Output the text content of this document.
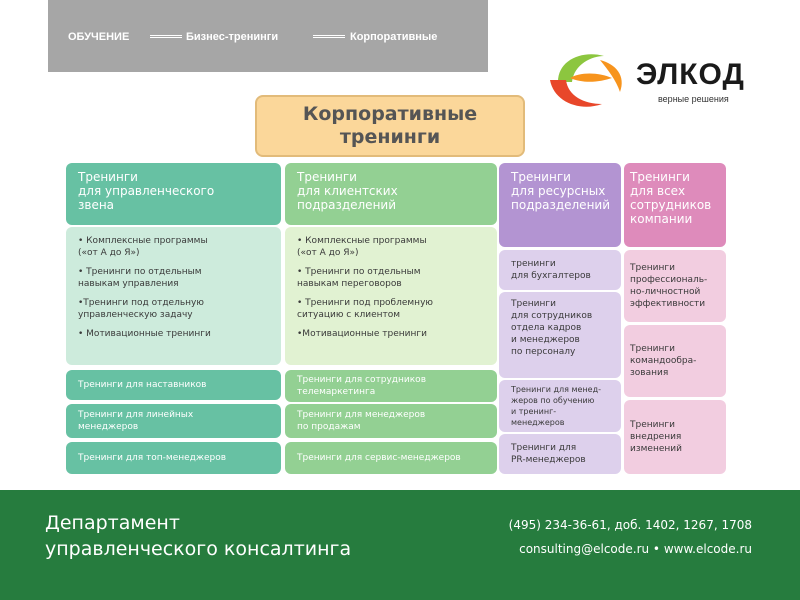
ОБУЧЕНИЕ	Бизнес-тренинги	Корпоративные
ЭЛКОД
верные решения
Корпоративные
тренинги
Тренинги
для управленческого
звена

• Комплексные программы
(«от А до Я»)

• Тренинги по отдельным
навыкам управления

•Тренинги под отдельную
управленческую задачу

• Мотивационные тренинги

Тренинги для наставников
Тренинги для линейных
менеджеров
Тренинги для топ-менеджеров
Тренинги
для клиентских
подразделений

• Комплексные программы
(«от А до Я»)

• Тренинги по отдельным
навыкам переговоров

• Тренинги под проблемную
ситуацию с клиентом

•Мотивационные тренинги

Тренинги для сотрудников
телемаркетинга
Тренинги для менеджеров
по продажам
Тренинги для сервис-менеджеров
Тренинги
для ресурсных
подразделений
тренинги
для бухгалтеров
Тренинги
для сотрудников
отдела кадров
и менеджеров
по персоналу
Тренинги для менед-
жеров по обучению
и тренинг-менеджеров
Тренинги для
PR-менеджеров
Тренинги
для всех
сотрудников
компании
Тренинги
профессиональ-
но-личностной
эффективности
Тренинги
командообра-
зования
Тренинги
внедрения
изменений
Департамент
управленческого консалтинга
(495) 234-36-61, доб. 1402, 1267, 1708
consulting@elcode.ru • www.elcode.ru
